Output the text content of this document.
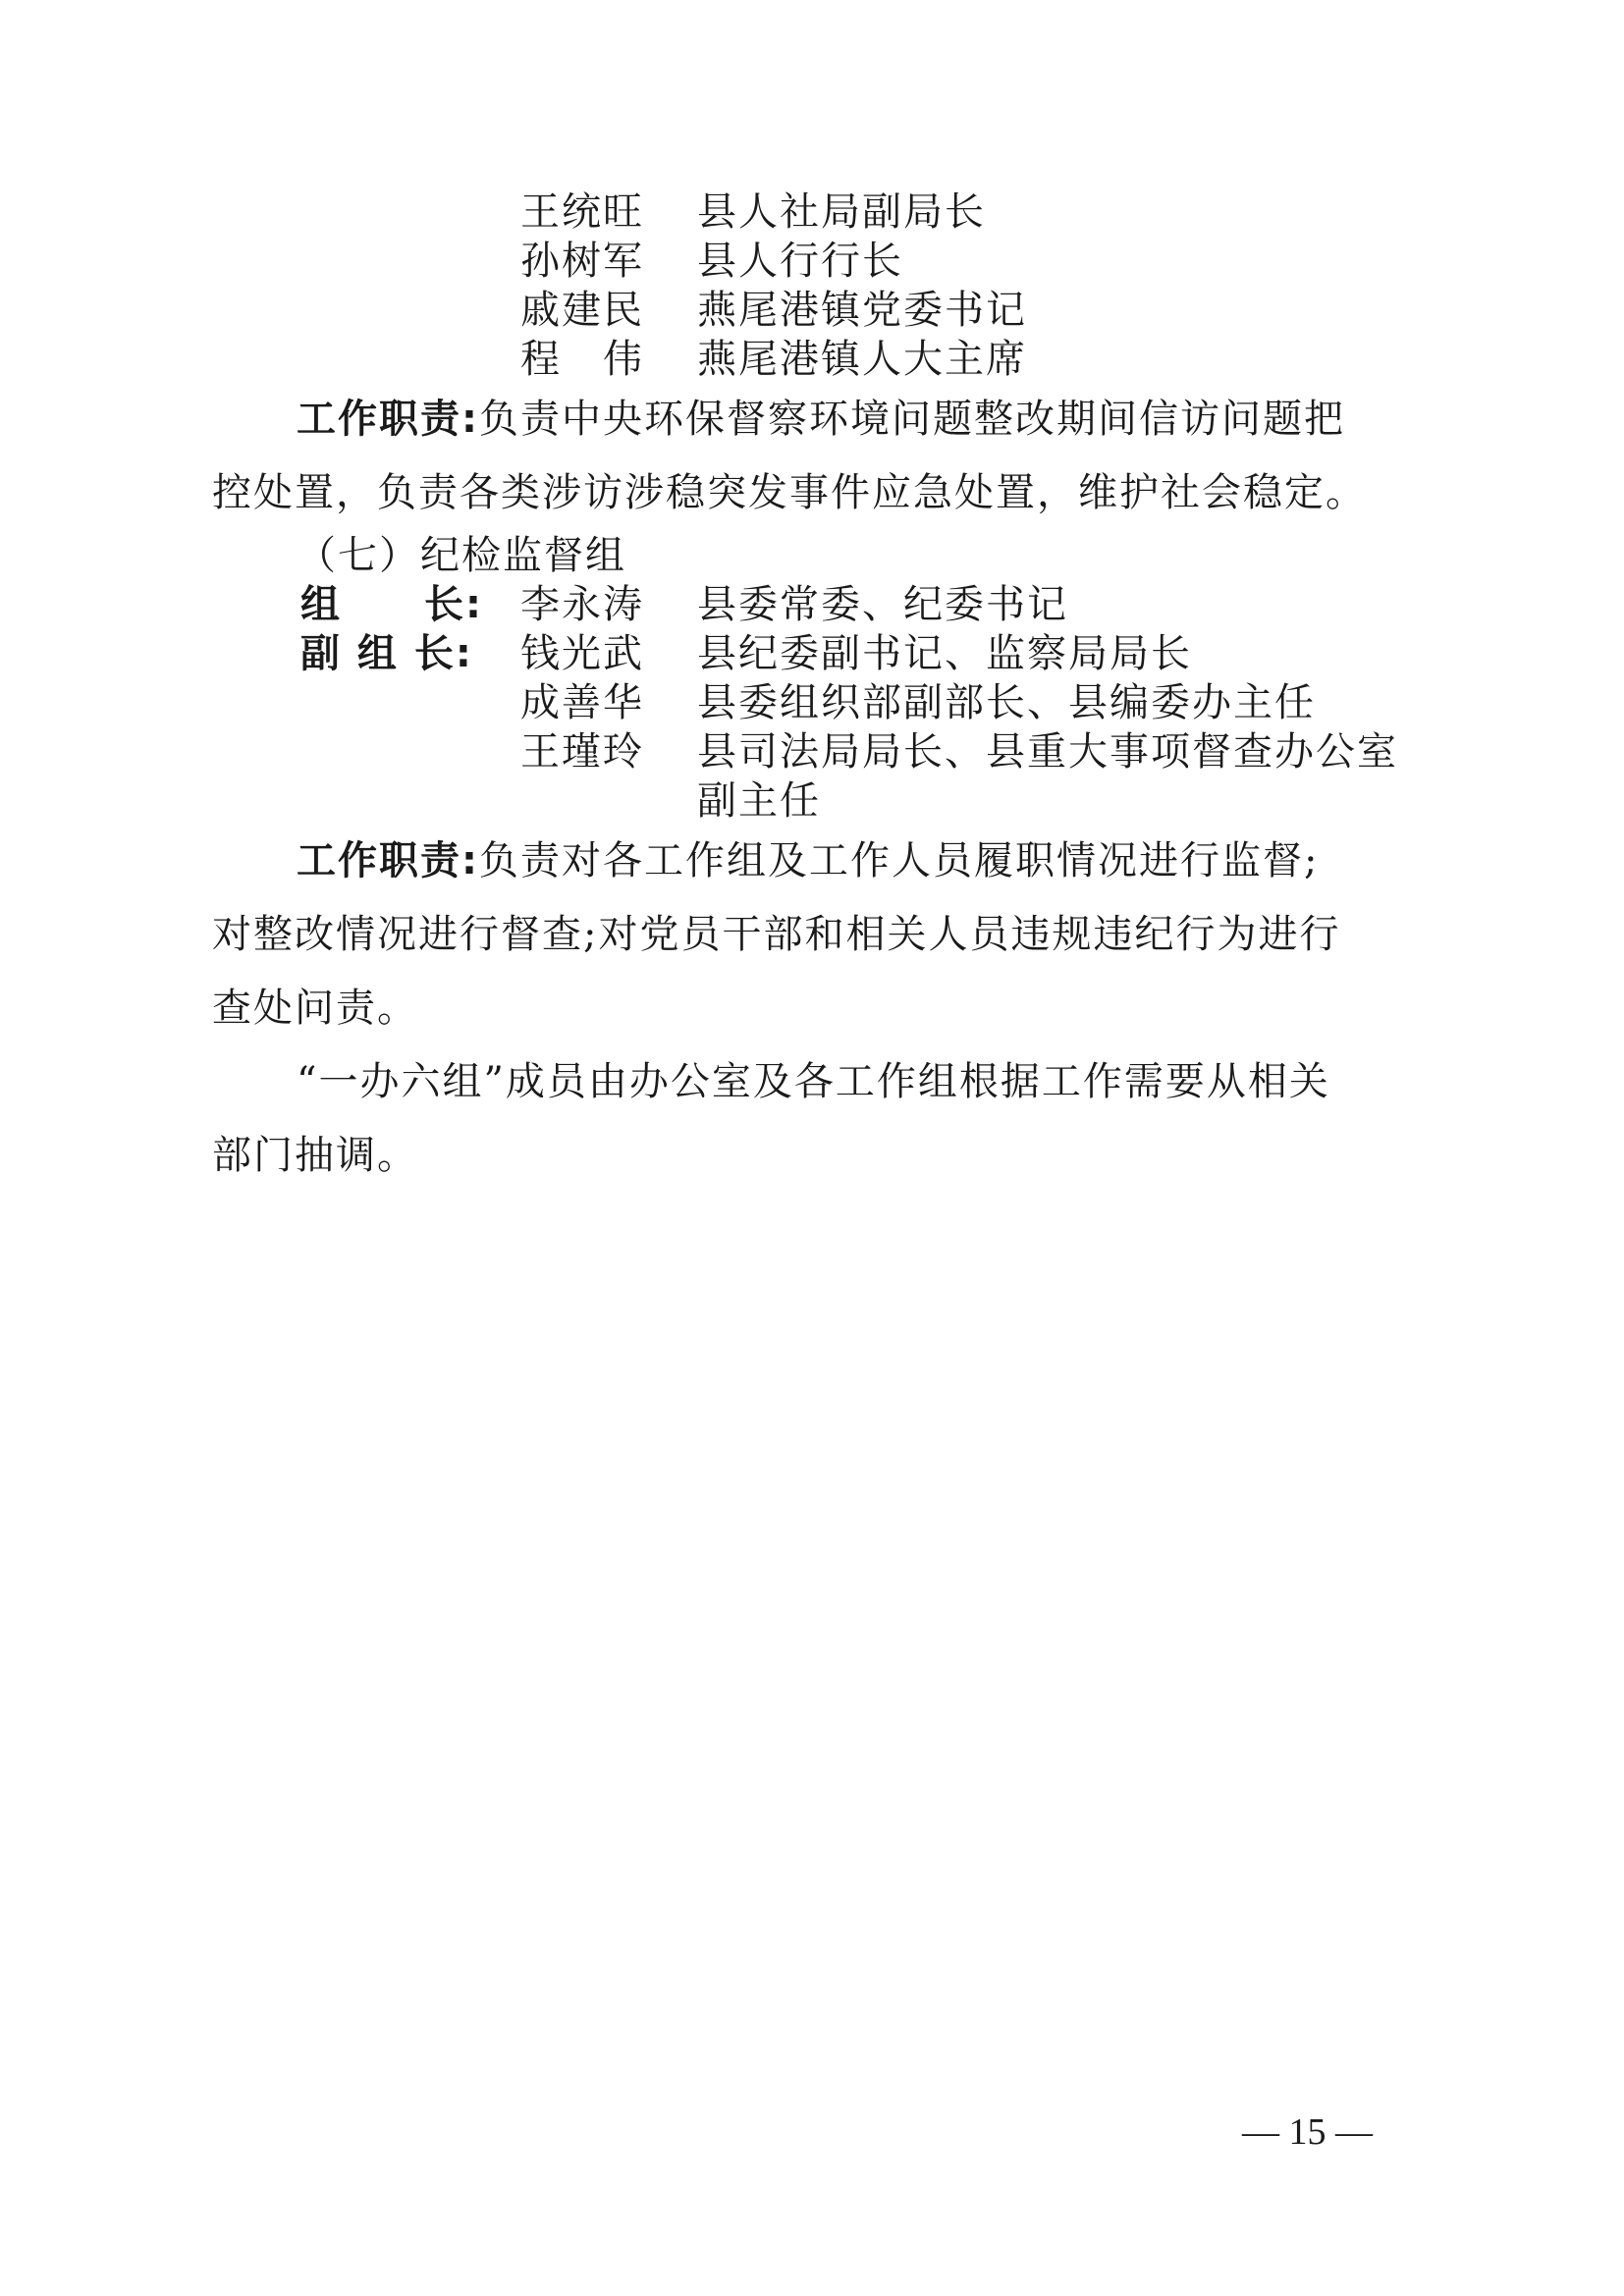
王统旺 县人社局副局长
孙树军 县人行行长
戚建民 燕尾港镇党委书记
程　伟 燕尾港镇人大主席
工作职责:负责中央环保督察环境问题整改期间信访问题把
控处置，负责各类涉访涉稳突发事件应急处置，维护社会稳定。
（七）纪检监督组
组　　长: 李永涛 县委常委、纪委书记
副 组 长: 钱光武 县纪委副书记、监察局局长
成善华 县委组织部副部长、县编委办主任
王瑾玲 县司法局局长、县重大事项督查办公室
副主任
工作职责:负责对各工作组及工作人员履职情况进行监督;
对整改情况进行督查;对党员干部和相关人员违规违纪行为进行
查处问责。
“一办六组”成员由办公室及各工作组根据工作需要从相关
部门抽调。
— 15 —
